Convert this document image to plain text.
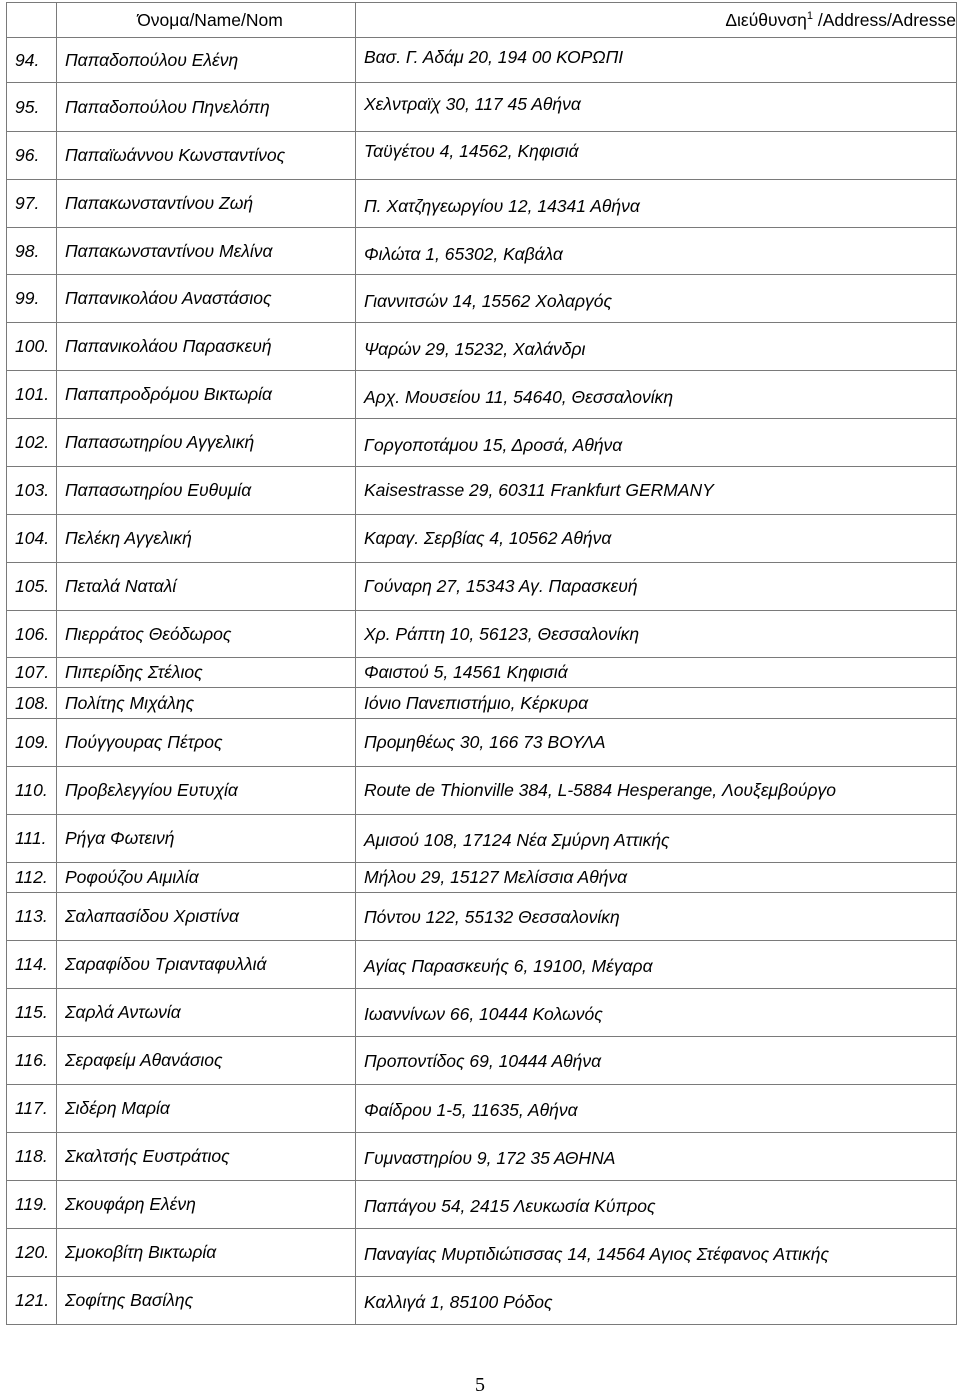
	Όνομα/Name/Nom	Διεύθυνση$^1$ /Address/Adresse
94.	Παπαδοπούλου Ελένη	Βασ. Γ. Αδάμ 20, 194 00 ΚΟΡΩΠΙ
95.	Παπαδοπούλου Πηνελόπη	Χελντραϊχ 30, 117 45 Αθήνα
96.	Παπαϊωάννου Κωνσταντίνος	Ταϋγέτου 4, 14562, Κηφισιά
97.	Παπακωνσταντίνου Ζωή	Π. Χατζηγεωργίου 12, 14341 Αθήνα
98.	Παπακωνσταντίνου Μελίνα	Φιλώτα 1, 65302, Καβάλα
99.	Παπανικολάου Αναστάσιος	Γιαννιτσών 14, 15562 Χολαργός
100.	Παπανικολάου Παρασκευή	Ψαρών 29, 15232, Χαλάνδρι
101.	Παπαπροδρόμου Βικτωρία	Αρχ. Μουσείου 11, 54640, Θεσσαλονίκη
102.	Παπασωτηρίου Αγγελική	Γοργοποτάμου 15, Δροσά, Αθήνα
103.	Παπασωτηρίου Ευθυμία	Kaisestrasse 29, 60311 Frankfurt GERMANY
104.	Πελέκη Αγγελική	Καραγ. Σερβίας 4, 10562 Αθήνα
105.	Πεταλά Ναταλί	Γούναρη 27, 15343 Αγ. Παρασκευή
106.	Πιερράτος Θεόδωρος	Χρ. Ράπτη 10, 56123, Θεσσαλονίκη
107.	Πιπερίδης Στέλιος	Φαιστού 5, 14561 Κηφισιά
108.	Πολίτης Μιχάλης	Ιόνιο Πανεπιστήμιο, Κέρκυρα
109.	Πούγγουρας Πέτρος	Προμηθέως 30, 166 73 ΒΟΥΛΑ
110.	Προβελεγγίου Ευτυχία	Route de Thionville 384, L-5884 Hesperange, Λουξεμβούργο
111.	Ρήγα Φωτεινή	Αμισού 108, 17124 Νέα Σμύρνη Αττικής
112.	Ροφούζου Αιμιλία	Μήλου 29, 15127 Μελίσσια Αθήνα
113.	Σαλαπασίδου Χριστίνα	Πόντου 122, 55132 Θεσσαλονίκη
114.	Σαραφίδου Τριανταφυλλιά	Αγίας Παρασκευής 6, 19100, Μέγαρα
115.	Σαρλά Αντωνία	Ιωαννίνων 66, 10444 Κολωνός
116.	Σεραφείμ Αθανάσιος	Προποντίδος 69, 10444 Αθήνα
117.	Σιδέρη Μαρία	Φαίδρου 1-5, 11635, Αθήνα
118.	Σκαλτσής Ευστράτιος	Γυμναστηρίου 9, 172 35 ΑΘΗΝΑ
119.	Σκουφάρη Ελένη	Παπάγου 54, 2415 Λευκωσία Κύπρος
120.	Σμοκοβίτη Βικτωρία	Παναγίας Μυρτιδιώτισσας 14, 14564 Αγιος Στέφανος Αττικής
121.	Σοφίτης Βασίλης	Καλλιγά 1, 85100 Ρόδος
5
